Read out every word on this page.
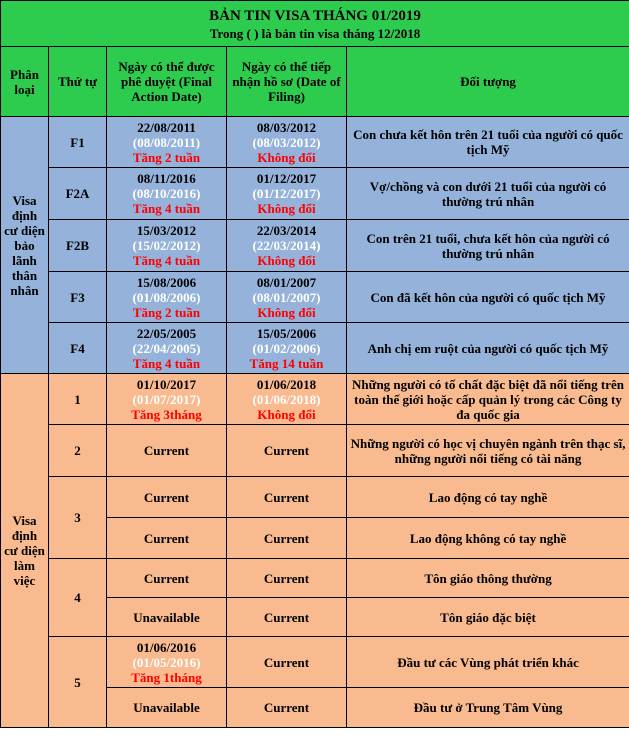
BẢN TIN VISA THÁNG 01/2019
Trong ( ) là bản tin visa tháng 12/2018				

Phân loại	Thứ tự	Ngày có thể được phê duyệt (Final Action Date)	Ngày có thể tiếp nhận hồ sơ (Date of Filing)	Đối tượng
Visa định cư diện bảo lãnh thân nhân	F1	22/08/2011
(08/08/2011)
Tăng 2 tuần	08/03/2012
(08/03/2012)
Không đổi	Con chưa kết hôn trên 21 tuổi của người có quốc tịch Mỹ
	F2A	08/11/2016
(08/10/2016)
Tăng 4 tuần	01/12/2017
(01/12/2017)
Không đổi	Vợ/chồng và con dưới 21 tuổi của người có thường trú nhân
	F2B	15/03/2012
(15/02/2012)
Tăng 4 tuần	22/03/2014
(22/03/2014)
Không đổi	Con trên 21 tuổi, chưa kết hôn của người có thường trú nhân
	F3	15/08/2006
(01/08/2006)
Tăng 2 tuần	08/01/2007
(08/01/2007)
Không đổi	Con đã kết hôn của người có quốc tịch Mỹ
	F4	22/05/2005
(22/04/2005)
Tăng 4 tuần	15/05/2006
(01/02/2006)
Tăng 14 tuần	Anh chị em ruột của người có quốc tịch Mỹ
Visa định cư diện làm việc	1	01/10/2017
(01/07/2017)
Tăng 3tháng	01/06/2018
(01/06/2018)
Không đổi	Những người có tố chất đặc biệt đã nổi tiếng trên toàn thế giới hoặc cấp quản lý trong các Công ty đa quốc gia
	2	Current	Current	Những người có học vị chuyên ngành trên thạc sĩ, những người nổi tiếng có tài năng
	3	Current	Current	Lao động có tay nghề
		Current	Current	Lao động không có tay nghề
	4	Current	Current	Tôn giáo thông thường
		Unavailable	Current	Tôn giáo đặc biệt
	5	01/06/2016
(01/05/2016)
Tăng 1tháng	Current	Đầu tư các Vùng phát triển khác
		Unavailable	Current	Đầu tư ở Trung Tâm Vùng
